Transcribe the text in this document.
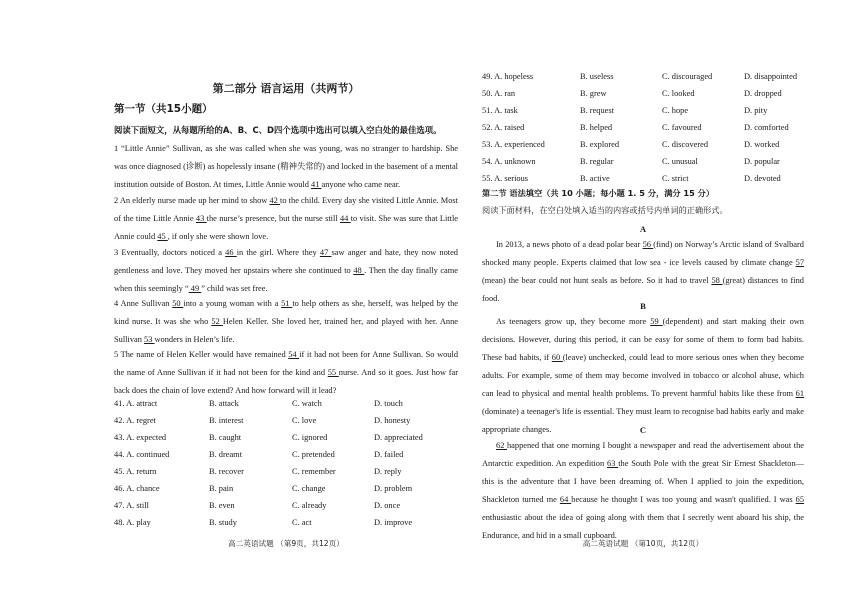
第二部分 语言运用（共两节）
第一节（共15小题）
阅读下面短文，从每题所给的A、B、C、D四个选项中选出可以填入空白处的最佳选项。
1 “Little Annie” Sullivan, as she was called when she was young, was no stranger to hardship. She was once diagnosed (诊断) as hopelessly insane (精神失常的) and locked in the basement of a mental institution outside of Boston. At times, Little Annie would 41 anyone who came near.
2 An elderly nurse made up her mind to show 42 to the child. Every day she visited Little Annie. Most of the time Little Annie 43 the nurse’s presence, but the nurse still 44 to visit. She was sure that Little Annie could 45 , if only she were shown love.
3 Eventually, doctors noticed a 46 in the girl. Where they 47 saw anger and hate, they now noted gentleness and love. They moved her upstairs where she continued to 48 . Then the day finally came when this seemingly “ 49 ” child was set free.
4 Anne Sullivan 50 into a young woman with a 51 to help others as she, herself, was helped by the kind nurse. It was she who 52 Helen Keller. She loved her, trained her, and played with her. Anne Sullivan 53 wonders in Helen’s life.
5 The name of Helen Keller would have remained 54 if it had not been for Anne Sullivan. So would the name of Anne Sullivan if it had not been for the kind and 55 nurse. And so it goes. Just how far back does the chain of love extend? And how forward will it lead?
41. A. attract	B. attack	C. watch	D. touch
42. A. regret	B. interest	C. love	D. honesty
43. A. expected	B. caught	C. ignored	D. appreciated
44. A. continued	B. dreamt	C. pretended	D. failed
45. A. return	B. recover	C. remember	D. reply
46. A. chance	B. pain	C. change	D. problem
47. A. still	B. even	C. already	D. once
48. A. play	B. study	C. act	D. improve
高二英语试题 （第9页，共12页）
49. A. hopeless	B. useless	C. discouraged	D. disappointed
50. A. ran	B. grew	C. looked	D. dropped
51. A. task	B. request	C. hope	D. pity
52. A. raised	B. helped	C. favoured	D. comforted
53. A. experienced	B. explored	C. discovered	D. worked
54. A. unknown	B. regular	C. unusual	D. popular
55. A. serious	B. active	C. strict	D. devoted
第二节 语法填空（共 10 小题；每小题 1. 5 分，满分 15 分）
阅读下面材料，在空白处填入适当的内容或括号内单词的正确形式。
A
In 2013, a news photo of a dead polar bear 56 (find) on Norway’s Arctic island of Svalbard shocked many people. Experts claimed that low sea - ice levels caused by climate change 57 (mean) the bear could not hunt seals as before. So it had to travel 58 (great) distances to find food.
B
As teenagers grow up, they become more 59 (dependent) and start making their own decisions. However, during this period, it can be easy for some of them to form bad habits. These bad habits, if 60 (leave) unchecked, could lead to more serious ones when they become adults. For example, some of them may become involved in tobacco or alcohol abuse, which can lead to physical and mental health problems. To prevent harmful habits like these from 61 (dominate) a teenager's life is essential. They must learn to recognise bad habits early and make appropriate changes.	C
62 happened that one morning I bought a newspaper and read the advertisement about the Antarctic expedition. An expedition 63 the South Pole with the great Sir Ernest Shackleton—this is the adventure that I have been dreaming of. When I applied to join the expedition, Shackleton turned me 64 because he thought I was too young and wasn't qualified. I was 65 enthusiastic about the idea of going along with them that I secretly went aboard his ship, the Endurance, and hid in a small cupboard.
高二英语试题 （第10页，共12页）
